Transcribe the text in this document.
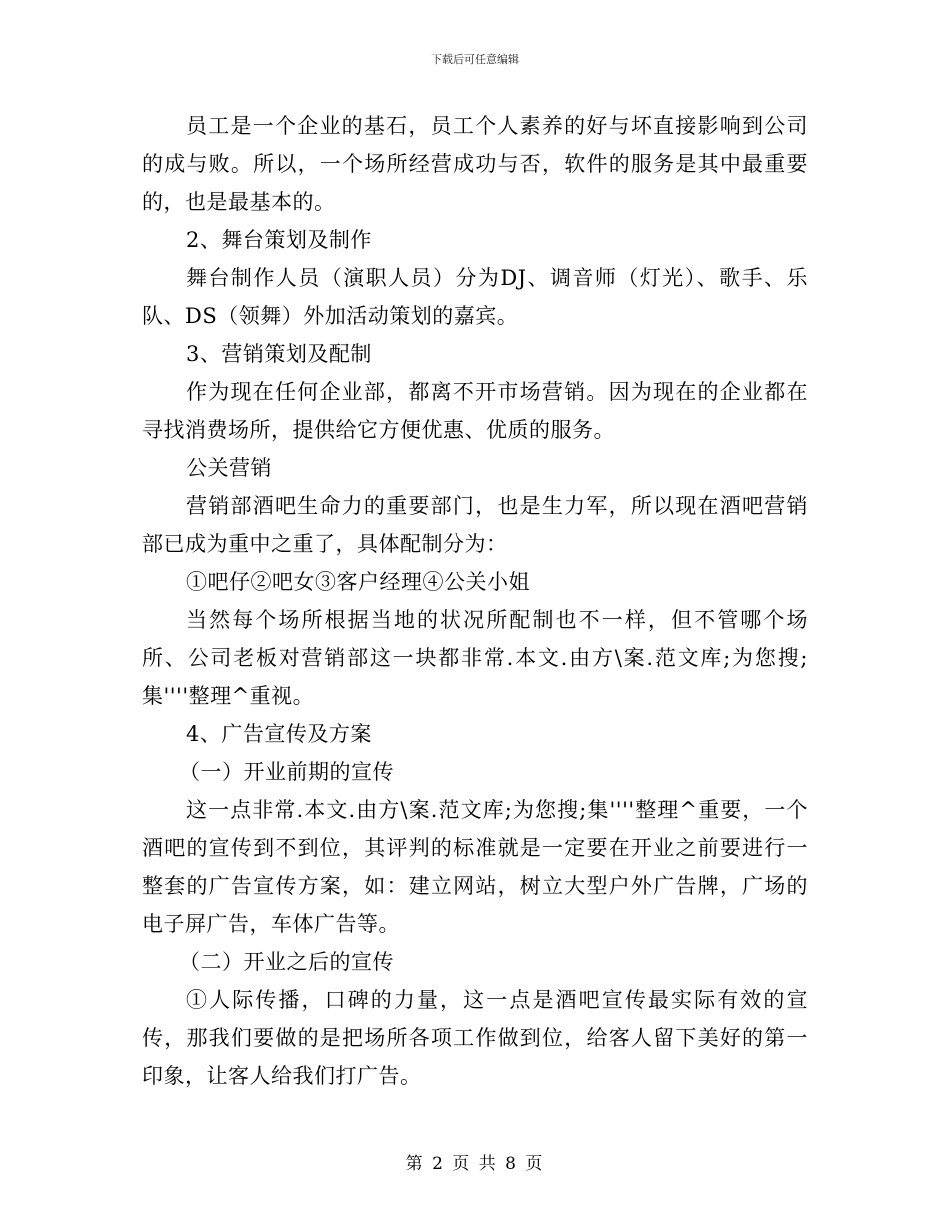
下载后可任意编辑

员工是一个企业的基石，员工个人素养的好与坏直接影响到公司的成与败。所以，一个场所经营成功与否，软件的服务是其中最重要的，也是最基本的。

2、舞台策划及制作

舞台制作人员（演职人员）分为DJ、调音师（灯光）、歌手、乐队、DS（领舞）外加活动策划的嘉宾。

3、营销策划及配制

作为现在任何企业部，都离不开市场营销。因为现在的企业都在寻找消费场所，提供给它方便优惠、优质的服务。

公关营销

营销部酒吧生命力的重要部门，也是生力军，所以现在酒吧营销部已成为重中之重了，具体配制分为：

①吧仔②吧女③客户经理④公关小姐

当然每个场所根据当地的状况所配制也不一样，但不管哪个场所、公司老板对营销部这一块都非常.本文.由方\案.范文库;为您搜;集''''整理^重视。

4、广告宣传及方案

（一）开业前期的宣传

这一点非常.本文.由方\案.范文库;为您搜;集''''整理^重要，一个酒吧的宣传到不到位，其评判的标准就是一定要在开业之前要进行一整套的广告宣传方案，如：建立网站，树立大型户外广告牌，广场的电子屏广告，车体广告等。

（二）开业之后的宣传

①人际传播，口碑的力量，这一点是酒吧宣传最实际有效的宣传，那我们要做的是把场所各项工作做到位，给客人留下美好的第一印象，让客人给我们打广告。

第 2 页 共 8 页
